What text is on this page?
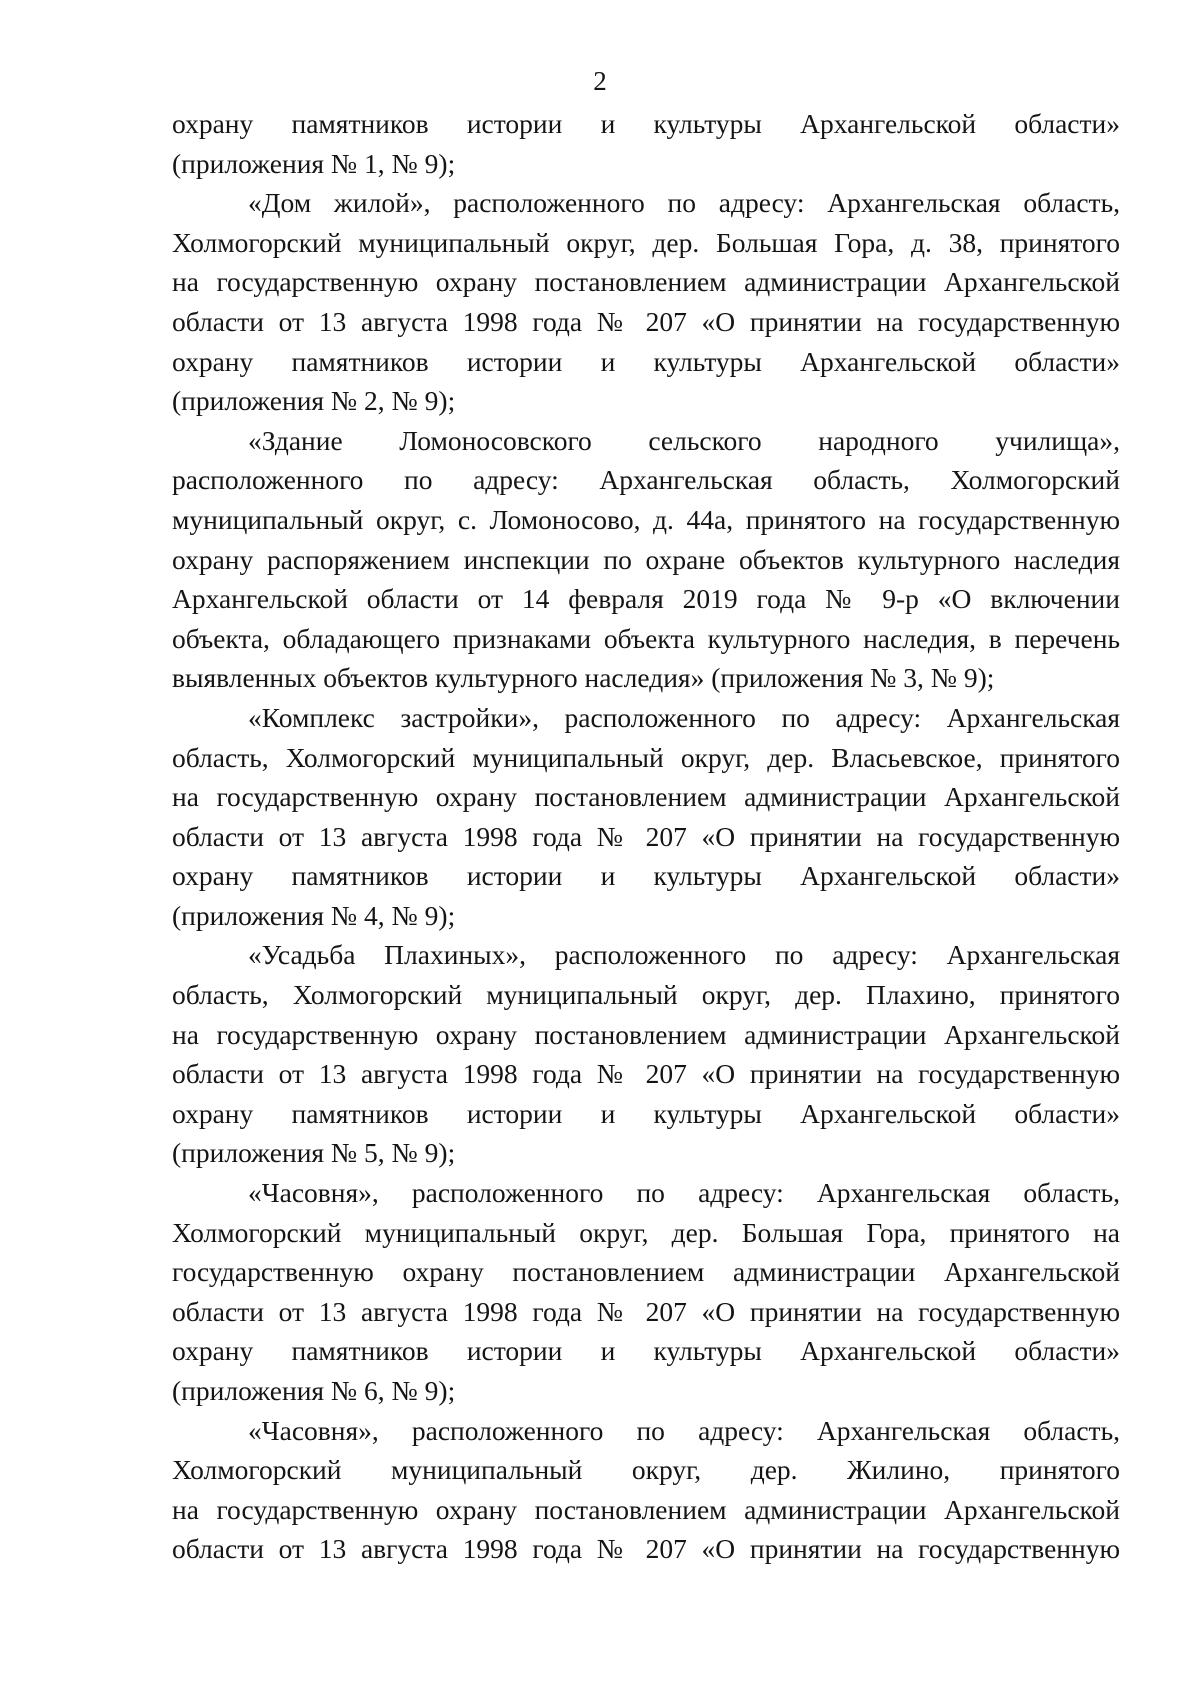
2
охрану памятников истории и культуры Архангельской области»
(приложения № 1, № 9);
«Дом жилой», расположенного по адресу: Архангельская область,
Холмогорский муниципальный округ, дер. Большая Гора, д. 38, принятого
на государственную охрану постановлением администрации Архангельской
области от 13 августа 1998 года № 207 «О принятии на государственную
охрану памятников истории и культуры Архангельской области»
(приложения № 2, № 9);
«Здание Ломоносовского сельского народного училища»,
расположенного по адресу: Архангельская область, Холмогорский
муниципальный округ, с. Ломоносово, д. 44а, принятого на государственную
охрану распоряжением инспекции по охране объектов культурного наследия
Архангельской области от 14 февраля 2019 года № 9-р «О включении
объекта, обладающего признаками объекта культурного наследия, в перечень
выявленных объектов культурного наследия» (приложения № 3, № 9);
«Комплекс застройки», расположенного по адресу: Архангельская
область, Холмогорский муниципальный округ, дер. Власьевское, принятого
на государственную охрану постановлением администрации Архангельской
области от 13 августа 1998 года № 207 «О принятии на государственную
охрану памятников истории и культуры Архангельской области»
(приложения № 4, № 9);
«Усадьба Плахиных», расположенного по адресу: Архангельская
область, Холмогорский муниципальный округ, дер. Плахино, принятого
на государственную охрану постановлением администрации Архангельской
области от 13 августа 1998 года № 207 «О принятии на государственную
охрану памятников истории и культуры Архангельской области»
(приложения № 5, № 9);
«Часовня», расположенного по адресу: Архангельская область,
Холмогорский муниципальный округ, дер. Большая Гора, принятого на
государственную охрану постановлением администрации Архангельской
области от 13 августа 1998 года № 207 «О принятии на государственную
охрану памятников истории и культуры Архангельской области»
(приложения № 6, № 9);
«Часовня», расположенного по адресу: Архангельская область,
Холмогорский муниципальный округ, дер. Жилино, принятого
на государственную охрану постановлением администрации Архангельской
области от 13 августа 1998 года № 207 «О принятии на государственную
